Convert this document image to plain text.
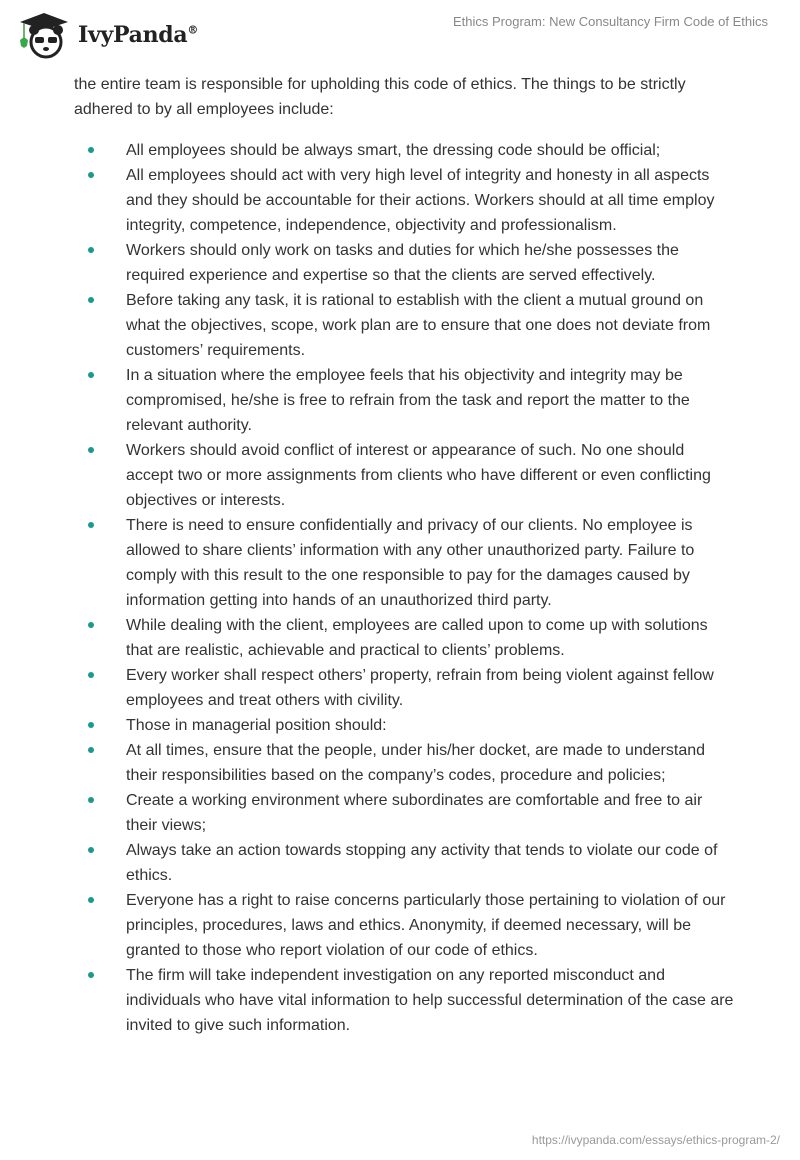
IvyPanda®
Ethics Program: New Consultancy Firm Code of Ethics

the entire team is responsible for upholding this code of ethics. The things to be strictly adhered to by all employees include:

All employees should be always smart, the dressing code should be official;
All employees should act with very high level of integrity and honesty in all aspects and they should be accountable for their actions. Workers should at all time employ integrity, competence, independence, objectivity and professionalism.
Workers should only work on tasks and duties for which he/she possesses the required experience and expertise so that the clients are served effectively.
Before taking any task, it is rational to establish with the client a mutual ground on what the objectives, scope, work plan are to ensure that one does not deviate from customers’ requirements.
In a situation where the employee feels that his objectivity and integrity may be compromised, he/she is free to refrain from the task and report the matter to the relevant authority.
Workers should avoid conflict of interest or appearance of such. No one should accept two or more assignments from clients who have different or even conflicting objectives or interests.
There is need to ensure confidentially and privacy of our clients. No employee is allowed to share clients’ information with any other unauthorized party. Failure to comply with this result to the one responsible to pay for the damages caused by information getting into hands of an unauthorized third party.
While dealing with the client, employees are called upon to come up with solutions that are realistic, achievable and practical to clients’ problems.
Every worker shall respect others’ property, refrain from being violent against fellow employees and treat others with civility.
Those in managerial position should:
At all times, ensure that the people, under his/her docket, are made to understand their responsibilities based on the company’s codes, procedure and policies;
Create a working environment where subordinates are comfortable and free to air their views;
Always take an action towards stopping any activity that tends to violate our code of ethics.
Everyone has a right to raise concerns particularly those pertaining to violation of our principles, procedures, laws and ethics. Anonymity, if deemed necessary, will be granted to those who report violation of our code of ethics.
The firm will take independent investigation on any reported misconduct and individuals who have vital information to help successful determination of the case are invited to give such information.
https://ivypanda.com/essays/ethics-program-2/
